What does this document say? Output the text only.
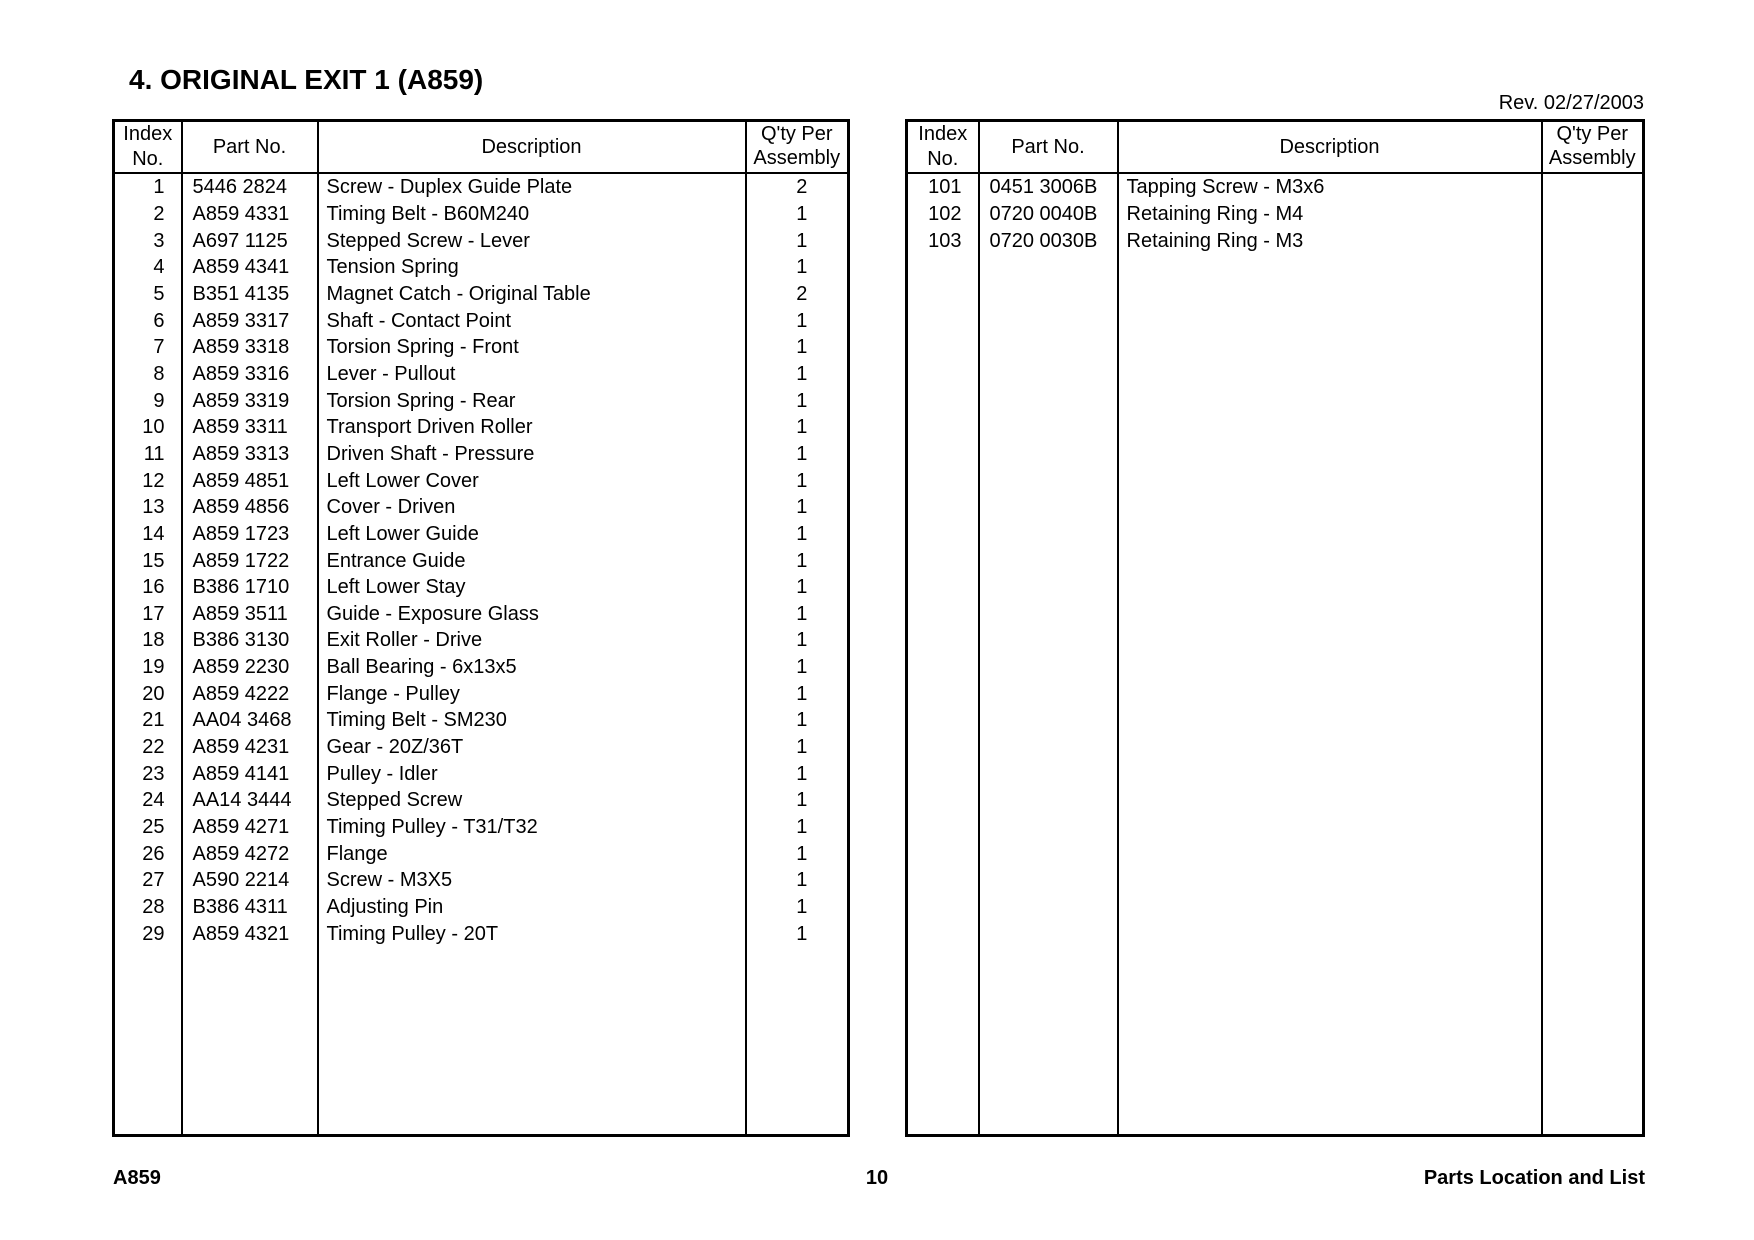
4. ORIGINAL EXIT 1 (A859)
Rev. 02/27/2003
Index
No.	Part No.	Description	Q'ty Per
Assembly

1	5446 2824	Screw - Duplex Guide Plate	2
2	A859 4331	Timing Belt - B60M240	1
3	A697 1125	Stepped Screw - Lever	1
4	A859 4341	Tension Spring	1
5	B351 4135	Magnet Catch - Original Table	2
6	A859 3317	Shaft - Contact Point	1
7	A859 3318	Torsion Spring - Front	1
8	A859 3316	Lever - Pullout	1
9	A859 3319	Torsion Spring - Rear	1
10	A859 3311	Transport Driven Roller	1
11	A859 3313	Driven Shaft - Pressure	1
12	A859 4851	Left Lower Cover	1
13	A859 4856	Cover - Driven	1
14	A859 1723	Left Lower Guide	1
15	A859 1722	Entrance Guide	1
16	B386 1710	Left Lower Stay	1
17	A859 3511	Guide - Exposure Glass	1
18	B386 3130	Exit Roller - Drive	1
19	A859 2230	Ball Bearing - 6x13x5	1
20	A859 4222	Flange - Pulley	1
21	AA04 3468	Timing Belt - SM230	1
22	A859 4231	Gear - 20Z/36T	1
23	A859 4141	Pulley - Idler	1
24	AA14 3444	Stepped Screw	1
25	A859 4271	Timing Pulley - T31/T32	1
26	A859 4272	Flange	1
27	A590 2214	Screw - M3X5	1
28	B386 4311	Adjusting Pin	1
29	A859 4321	Timing Pulley - 20T	1

Index
No.	Part No.	Description	Q'ty Per
Assembly

101	0451 3006B	Tapping Screw - M3x6	
102	0720 0040B	Retaining Ring - M4	
103	0720 0030B	Retaining Ring - M3	

A859	10	Parts Location and List
